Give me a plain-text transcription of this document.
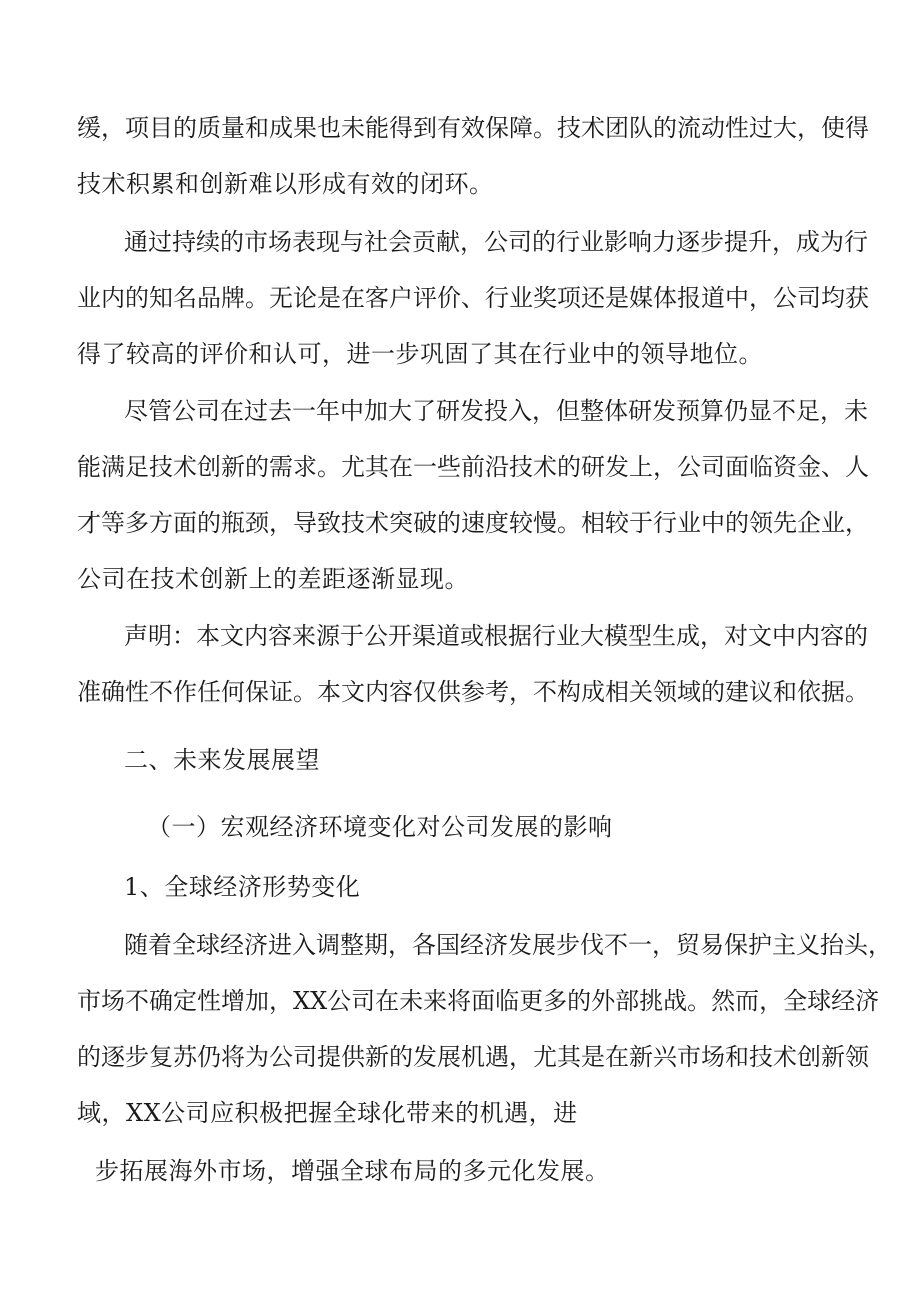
缓，项目的质量和成果也未能得到有效保障。技术团队的流动性过大，使得
技术积累和创新难以形成有效的闭环。
通过持续的市场表现与社会贡献，公司的行业影响力逐步提升，成为行
业内的知名品牌。无论是在客户评价、行业奖项还是媒体报道中，公司均获
得了较高的评价和认可，进一步巩固了其在行业中的领导地位。
尽管公司在过去一年中加大了研发投入，但整体研发预算仍显不足，未
能满足技术创新的需求。尤其在一些前沿技术的研发上，公司面临资金、人
才等多方面的瓶颈，导致技术突破的速度较慢。相较于行业中的领先企业，
公司在技术创新上的差距逐渐显现。
声明：本文内容来源于公开渠道或根据行业大模型生成，对文中内容的
准确性不作任何保证。本文内容仅供参考，不构成相关领域的建议和依据。
二、未来发展展望
（一）宏观经济环境变化对公司发展的影响
1、全球经济形势变化
随着全球经济进入调整期，各国经济发展步伐不一，贸易保护主义抬头，
市场不确定性增加，XX公司在未来将面临更多的外部挑战。然而，全球经济
的逐步复苏仍将为公司提供新的发展机遇，尤其是在新兴市场和技术创新领
域，XX公司应积极把握全球化带来的机遇，进
步拓展海外市场，增强全球布局的多元化发展。
